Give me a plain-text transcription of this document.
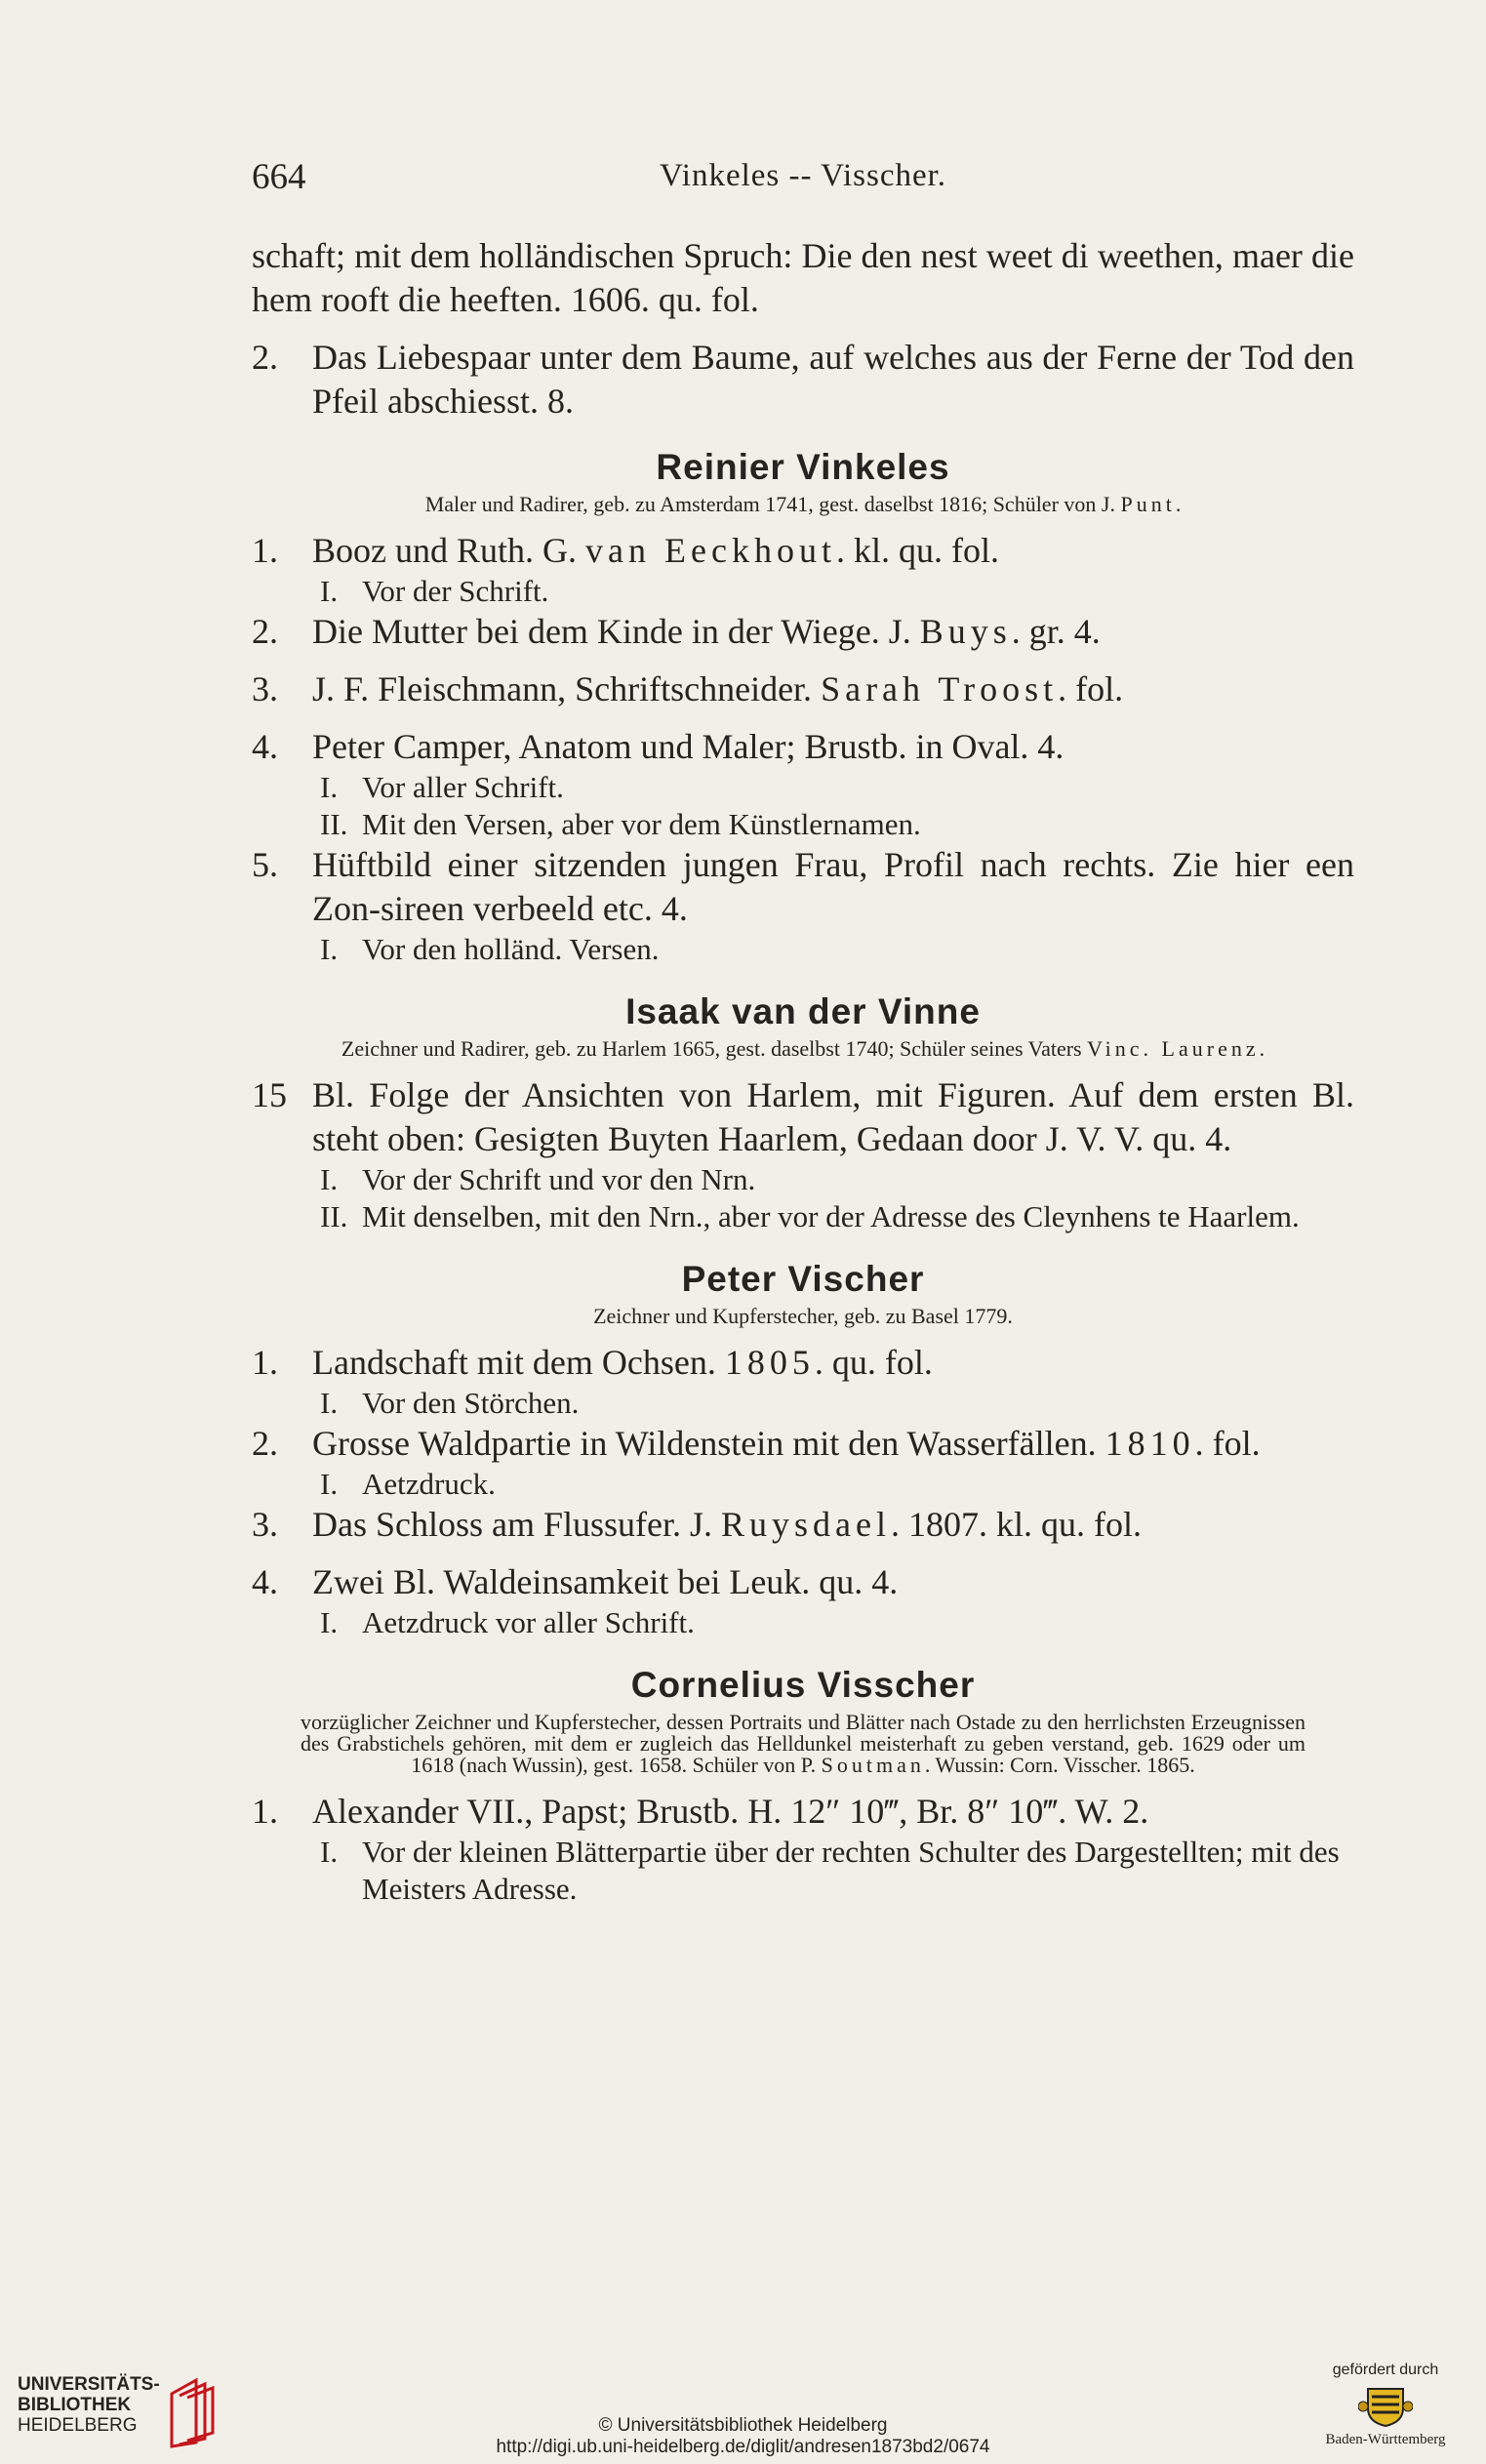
664	Vinkeles -- Visscher.
schaft; mit dem holländischen Spruch: Die den nest weet di weethen, maer die hem rooft die heeften. 1606. qu. fol.
2. Das Liebespaar unter dem Baume, auf welches aus der Ferne der Tod den Pfeil abschiesst. 8.
Reinier Vinkeles
Maler und Radirer, geb. zu Amsterdam 1741, gest. daselbst 1816; Schüler von J. Punt.
1. Booz und Ruth. G. van Eeckhout. kl. qu. fol.
I. Vor der Schrift.
2. Die Mutter bei dem Kinde in der Wiege. J. Buys. gr. 4.
3. J. F. Fleischmann, Schriftschneider. Sarah Troost. fol.
4. Peter Camper, Anatom und Maler; Brustb. in Oval. 4.
I. Vor aller Schrift.
II. Mit den Versen, aber vor dem Künstlernamen.
5. Hüftbild einer sitzenden jungen Frau, Profil nach rechts. Zie hier een Zon-sireen verbeeld etc. 4.
I. Vor den holländ. Versen.
Isaak van der Vinne
Zeichner und Radirer, geb. zu Harlem 1665, gest. daselbst 1740; Schüler seines Vaters Vinc. Laurenz.
15 Bl. Folge der Ansichten von Harlem, mit Figuren. Auf dem ersten Bl. steht oben: Gesigten Buyten Haarlem, Gedaan door J. V. V. qu. 4.
I. Vor der Schrift und vor den Nrn.
II. Mit denselben, mit den Nrn., aber vor der Adresse des Cleynhens te Haarlem.
Peter Vischer
Zeichner und Kupferstecher, geb. zu Basel 1779.
1. Landschaft mit dem Ochsen. 1805. qu. fol.
I. Vor den Störchen.
2. Grosse Waldpartie in Wildenstein mit den Wasserfällen. 1810. fol.
I. Aetzdruck.
3. Das Schloss am Flussufer. J. Ruysdael. 1807. kl. qu. fol.
4. Zwei Bl. Waldeinsamkeit bei Leuk. qu. 4.
I. Aetzdruck vor aller Schrift.
Cornelius Visscher
vorzüglicher Zeichner und Kupferstecher, dessen Portraits und Blätter nach Ostade zu den herrlichsten Erzeugnissen des Grabstichels gehören, mit dem er zugleich das Helldunkel meisterhaft zu geben verstand, geb. 1629 oder um 1618 (nach Wussin), gest. 1658. Schüler von P. Soutman. Wussin: Corn. Visscher. 1865.
1. Alexander VII., Papst; Brustb. H. 12″ 10‴, Br. 8″ 10‴. W. 2.
I. Vor der kleinen Blätterpartie über der rechten Schulter des Dargestellten; mit des Meisters Adresse.
UNIVERSITÄTS-
BIBLIOTHEK
HEIDELBERG	© Universitätsbibliothek Heidelberg
http://digi.ub.uni-heidelberg.de/diglit/andresen1873bd2/0674
gefördert durch
Baden-Württemberg
